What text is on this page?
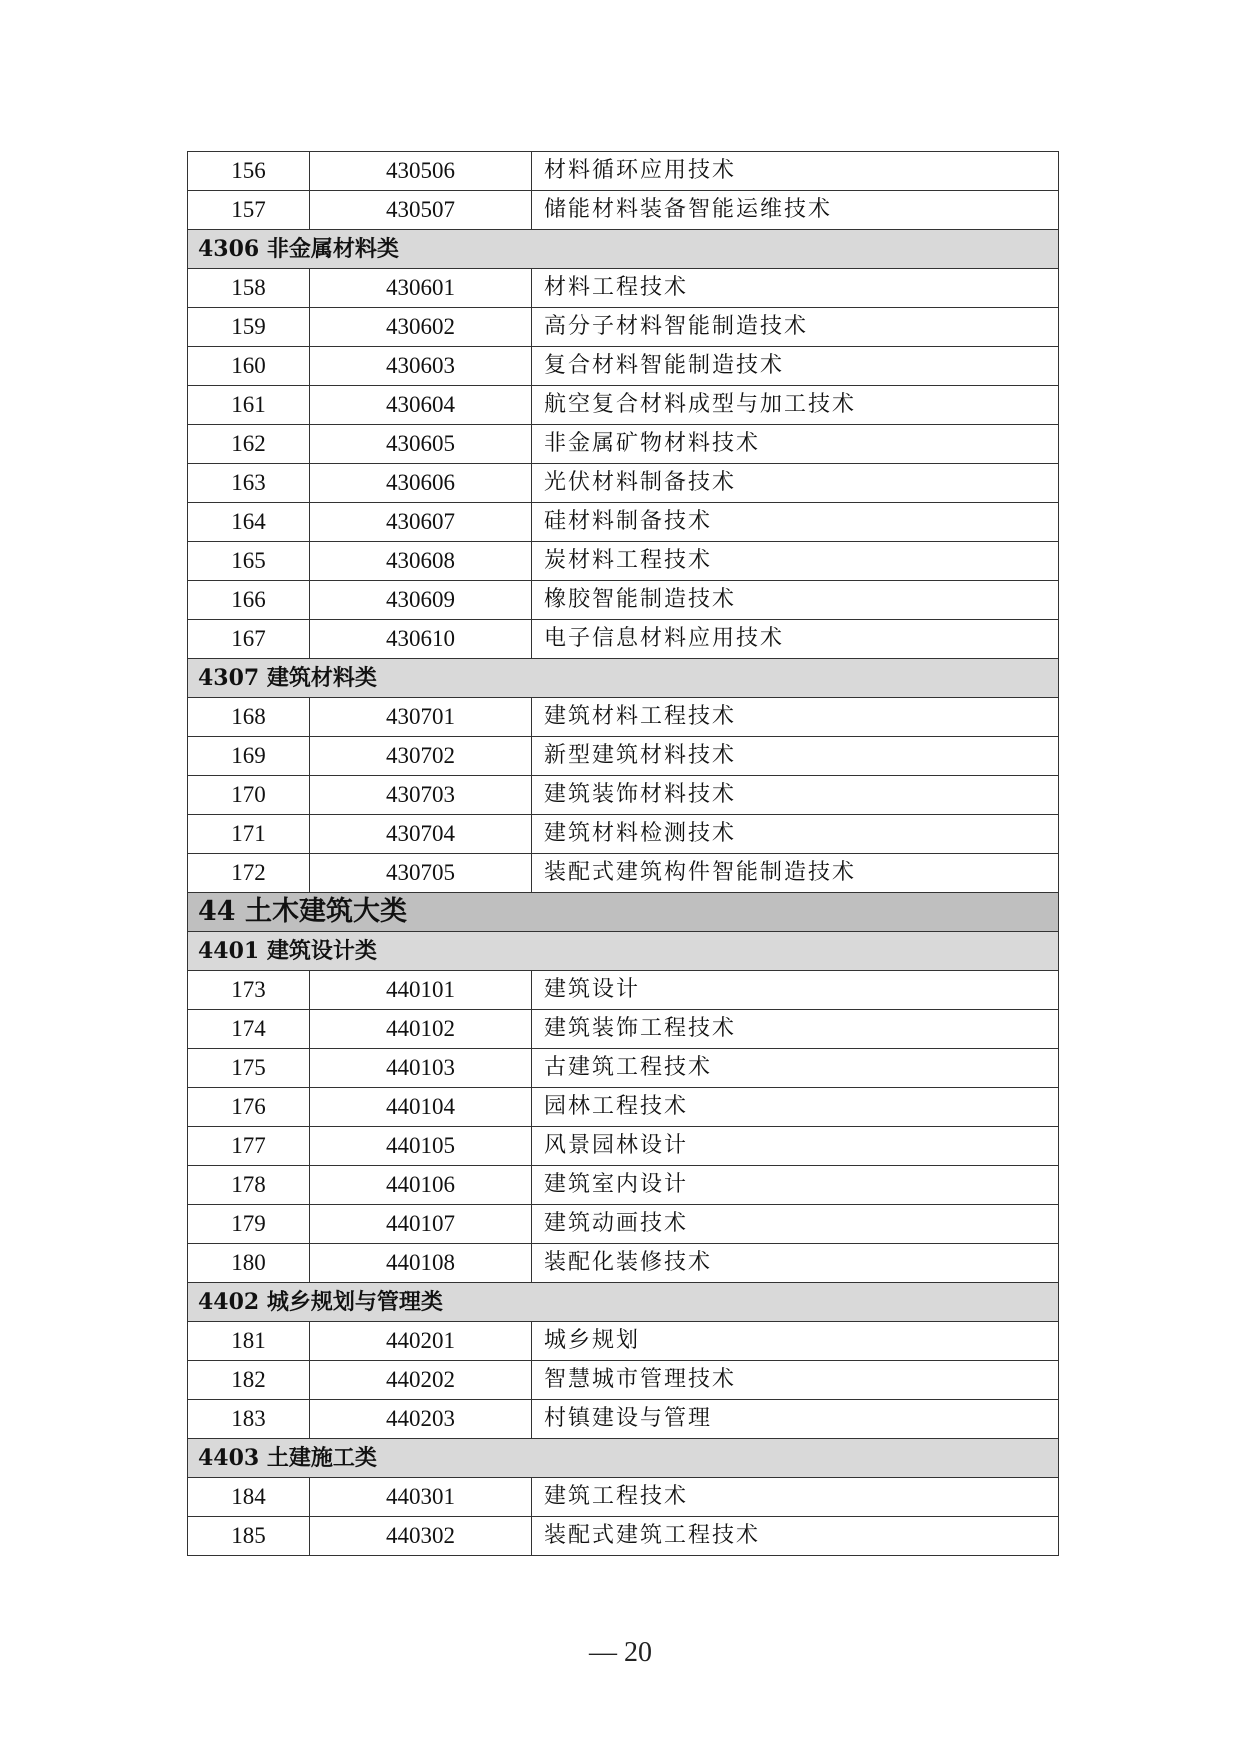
156	430506	材料循环应用技术
157	430507	储能材料装备智能运维技术
4306 非金属材料类		
158	430601	材料工程技术
159	430602	高分子材料智能制造技术
160	430603	复合材料智能制造技术
161	430604	航空复合材料成型与加工技术
162	430605	非金属矿物材料技术
163	430606	光伏材料制备技术
164	430607	硅材料制备技术
165	430608	炭材料工程技术
166	430609	橡胶智能制造技术
167	430610	电子信息材料应用技术
4307 建筑材料类		
168	430701	建筑材料工程技术
169	430702	新型建筑材料技术
170	430703	建筑装饰材料技术
171	430704	建筑材料检测技术
172	430705	装配式建筑构件智能制造技术
44 土木建筑大类		
4401 建筑设计类		
173	440101	建筑设计
174	440102	建筑装饰工程技术
175	440103	古建筑工程技术
176	440104	园林工程技术
177	440105	风景园林设计
178	440106	建筑室内设计
179	440107	建筑动画技术
180	440108	装配化装修技术
4402 城乡规划与管理类		
181	440201	城乡规划
182	440202	智慧城市管理技术
183	440203	村镇建设与管理
4403 土建施工类		
184	440301	建筑工程技术
185	440302	装配式建筑工程技术
— 20
